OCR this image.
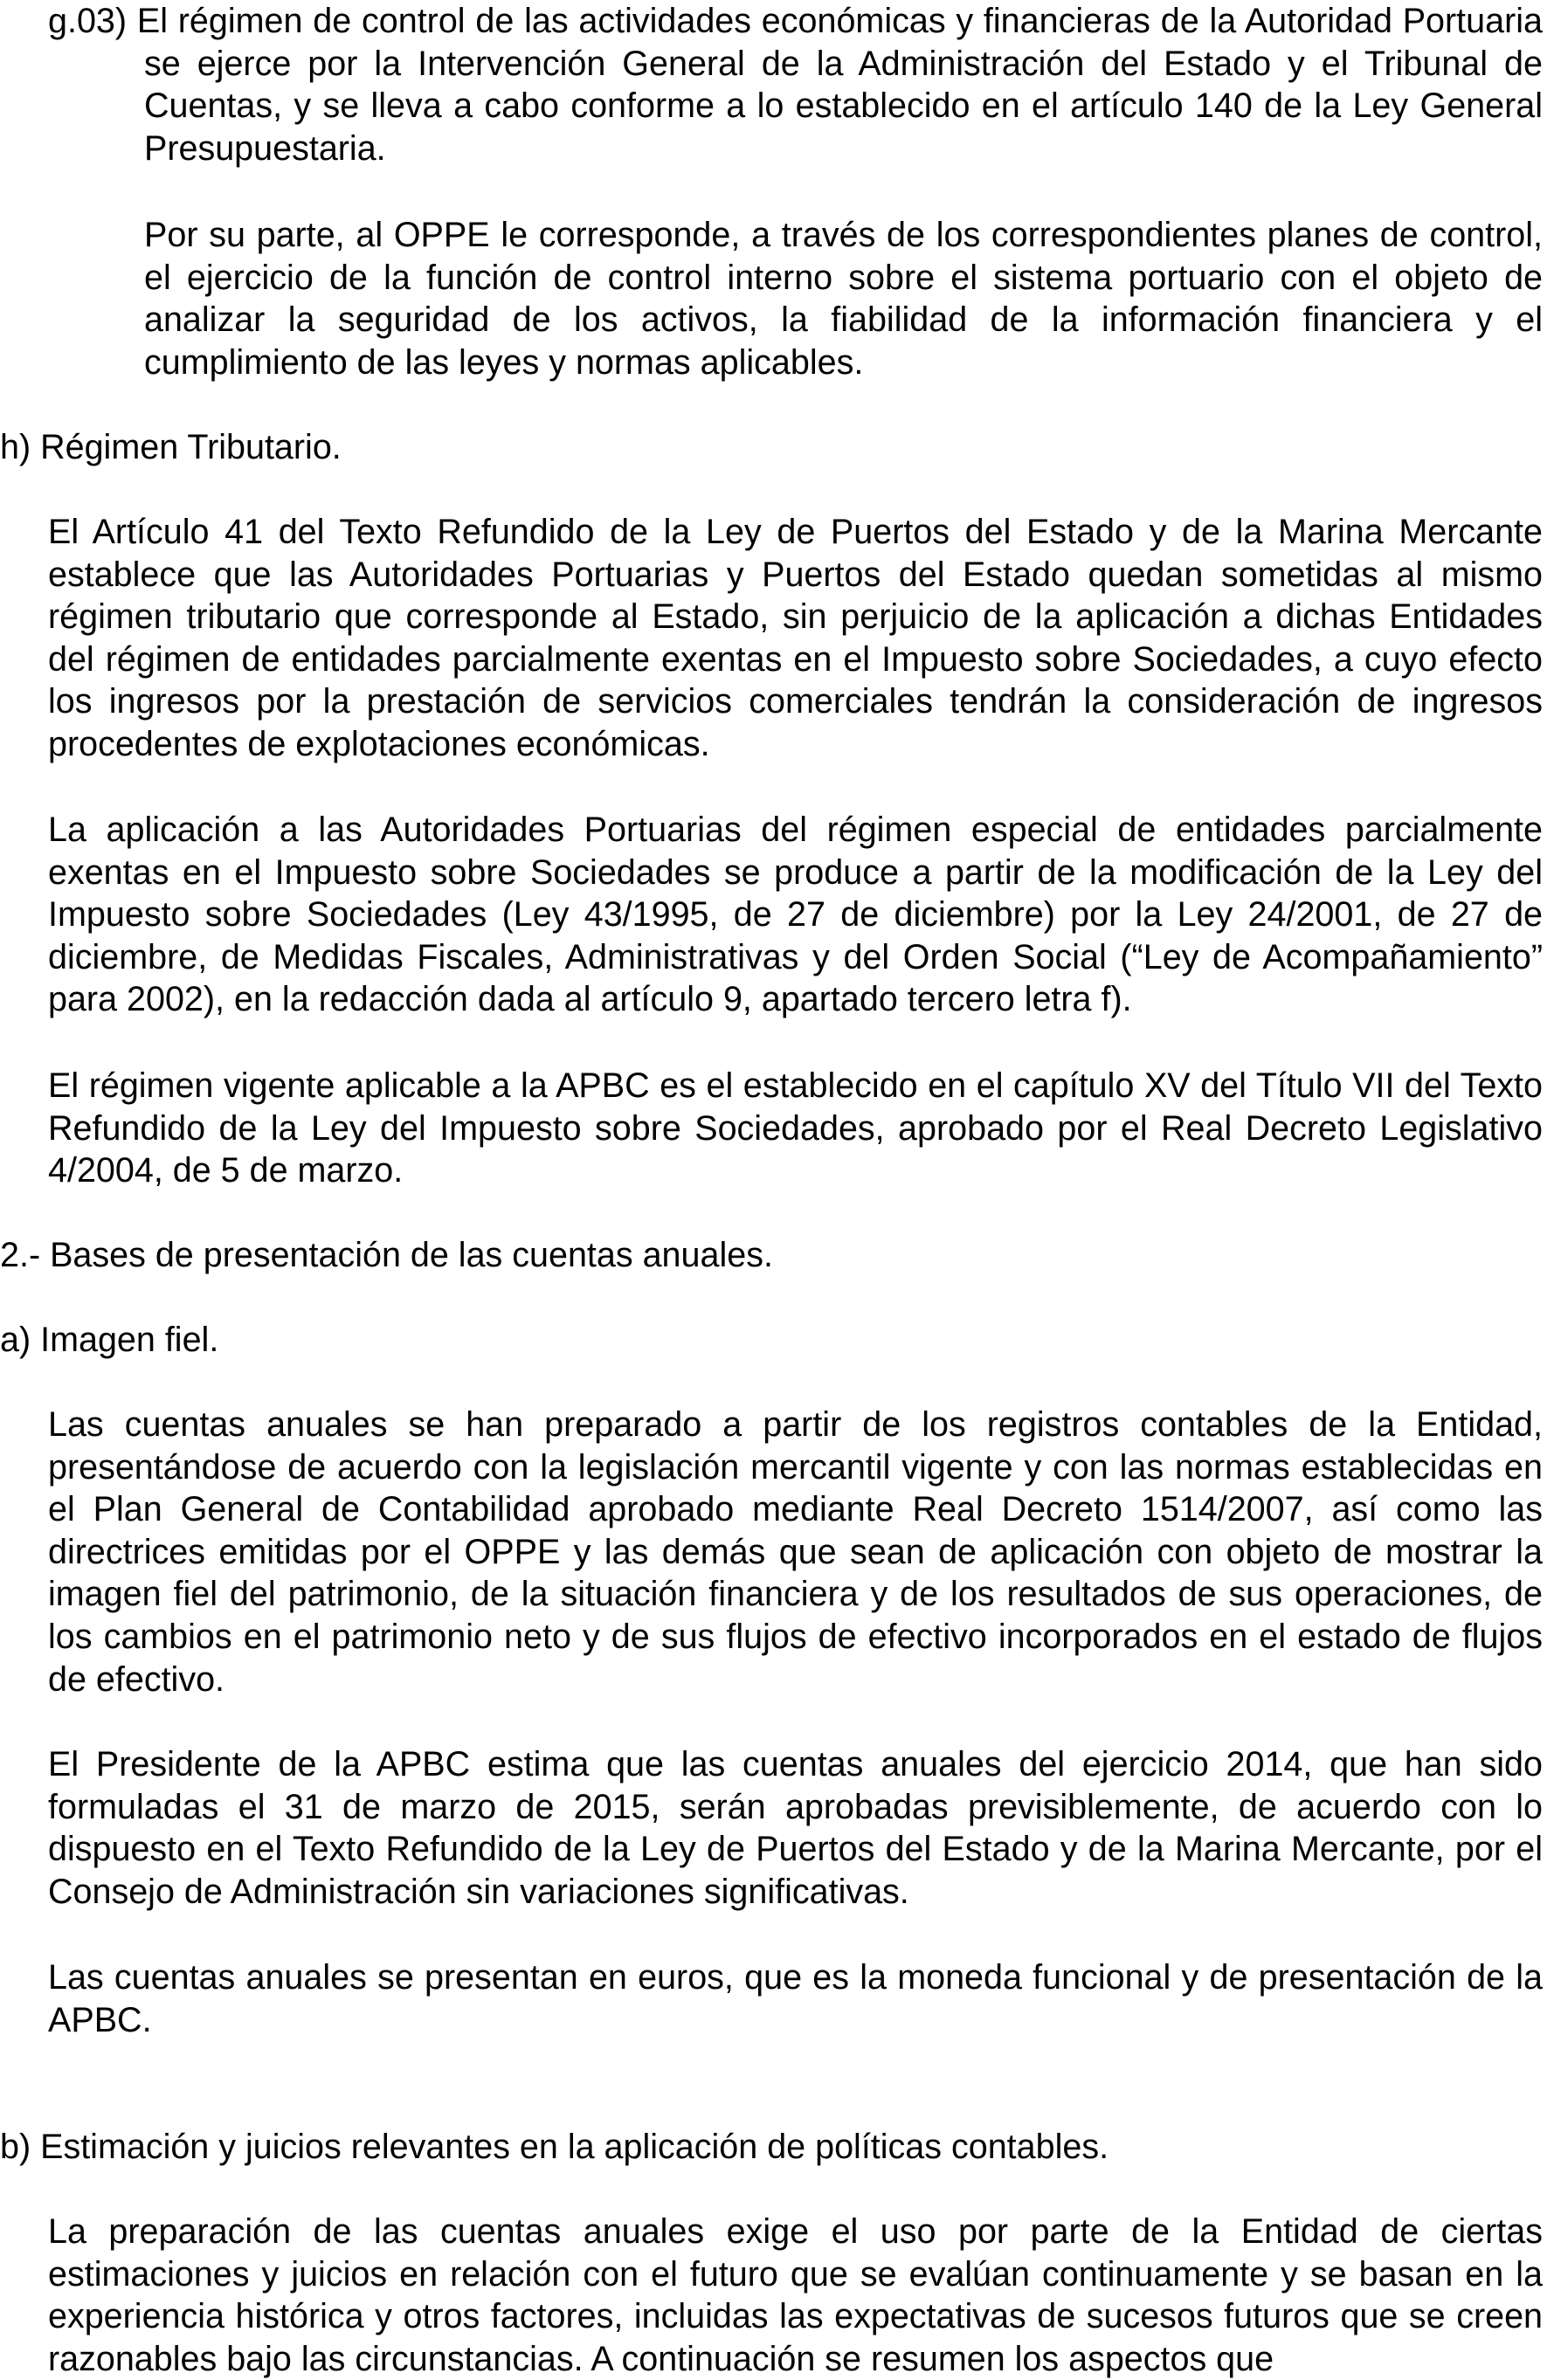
g.03) El régimen de control de las actividades económicas y financieras de la Autoridad Portuaria se ejerce por la Intervención General de la Administración del Estado y el Tribunal de Cuentas, y se lleva a cabo conforme a lo establecido en el artículo 140 de la Ley General Presupuestaria.

Por su parte, al OPPE le corresponde, a través de los correspondientes planes de control, el ejercicio de la función de control interno sobre el sistema portuario con el objeto de analizar la seguridad de los activos, la fiabilidad de la información financiera y el cumplimiento de las leyes y normas aplicables.

h) Régimen Tributario.

El Artículo 41 del Texto Refundido de la Ley de Puertos del Estado y de la Marina Mercante establece que las Autoridades Portuarias y Puertos del Estado quedan sometidas al mismo régimen tributario que corresponde al Estado, sin perjuicio de la aplicación a dichas Entidades del régimen de entidades parcialmente exentas en el Impuesto sobre Sociedades, a cuyo efecto los ingresos por la prestación de servicios comerciales tendrán la consideración de ingresos procedentes de explotaciones económicas.

La aplicación a las Autoridades Portuarias del régimen especial de entidades parcialmente exentas en el Impuesto sobre Sociedades se produce a partir de la modificación de la Ley del Impuesto sobre Sociedades (Ley 43/1995, de 27 de diciembre) por la Ley 24/2001, de 27 de diciembre, de Medidas Fiscales, Administrativas y del Orden Social (“Ley de Acompañamiento” para 2002), en la redacción dada al artículo 9, apartado tercero letra f).

El régimen vigente aplicable a la APBC es el establecido en el capítulo XV del Título VII del Texto Refundido de la Ley del Impuesto sobre Sociedades, aprobado por el Real Decreto Legislativo 4/2004, de 5 de marzo.

2.- Bases de presentación de las cuentas anuales.

a) Imagen fiel.

Las cuentas anuales se han preparado a partir de los registros contables de la Entidad, presentándose de acuerdo con la legislación mercantil vigente y con las normas establecidas en el Plan General de Contabilidad aprobado mediante Real Decreto 1514/2007, así como las directrices emitidas por el OPPE y las demás que sean de aplicación con objeto de mostrar la imagen fiel del patrimonio, de la situación financiera y de los resultados de sus operaciones, de los cambios en el patrimonio neto y de sus flujos de efectivo incorporados en el estado de flujos de efectivo.

El Presidente de la APBC estima que las cuentas anuales del ejercicio 2014, que han sido formuladas el 31 de marzo de 2015, serán aprobadas previsiblemente, de acuerdo con lo dispuesto en el Texto Refundido de la Ley de Puertos del Estado y de la Marina Mercante, por el Consejo de Administración sin variaciones significativas.

Las cuentas anuales se presentan en euros, que es la moneda funcional y de presentación de la APBC.

b) Estimación y juicios relevantes en la aplicación de políticas contables.

La preparación de las cuentas anuales exige el uso por parte de la Entidad de ciertas estimaciones y juicios en relación con el futuro que se evalúan continuamente y se basan en la experiencia histórica y otros factores, incluidas las expectativas de sucesos futuros que se creen razonables bajo las circunstancias. A continuación se resumen los aspectos que
